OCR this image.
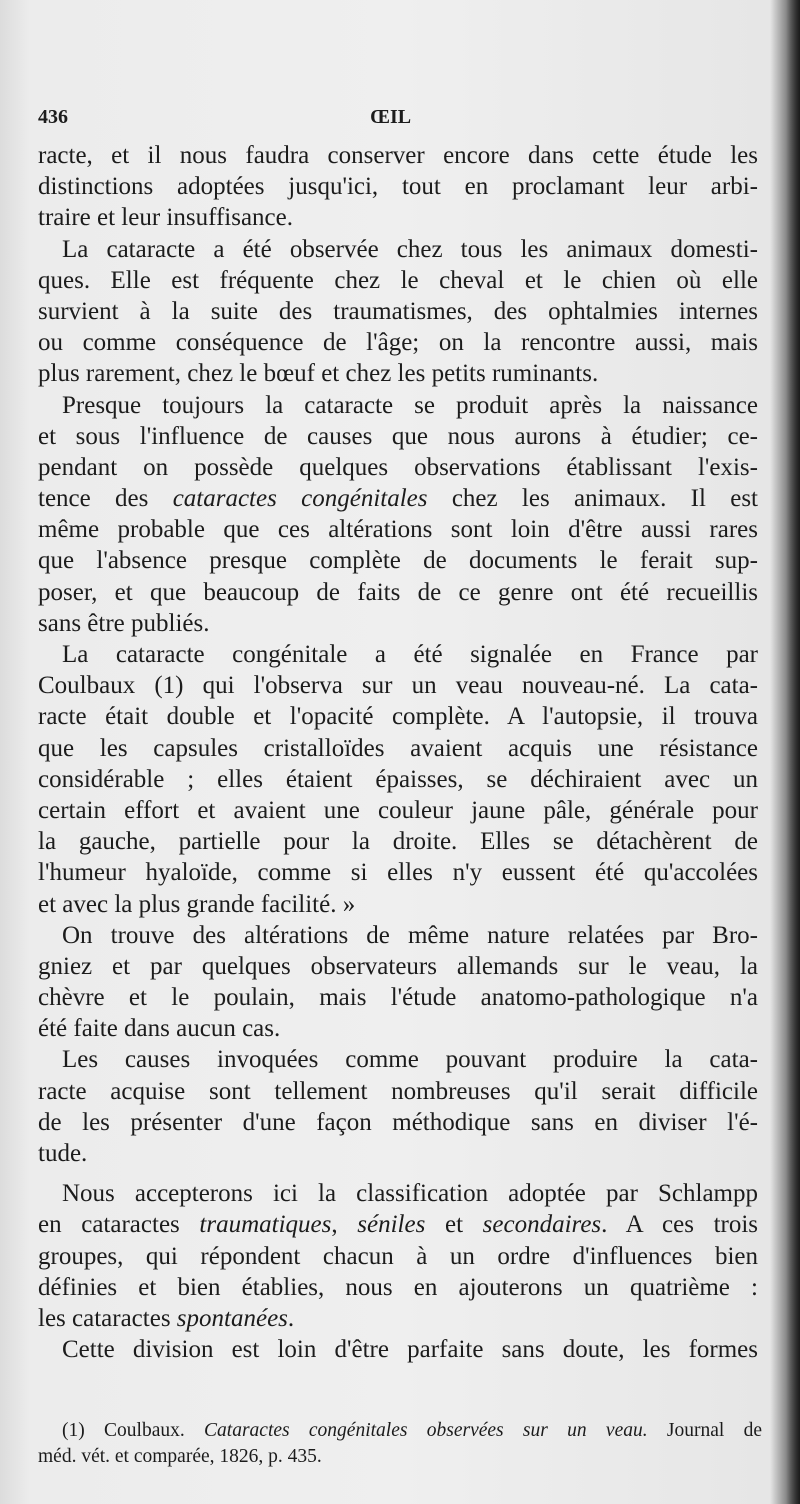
436	ŒIL
racte, et il nous faudra conserver encore dans cette étude les
distinctions adoptées jusqu'ici, tout en proclamant leur arbi-
traire et leur insuffisance.
La cataracte a été observée chez tous les animaux domesti-
ques. Elle est fréquente chez le cheval et le chien où elle
survient à la suite des traumatismes, des ophtalmies internes
ou comme conséquence de l'âge; on la rencontre aussi, mais
plus rarement, chez le bœuf et chez les petits ruminants.
Presque toujours la cataracte se produit après la naissance
et sous l'influence de causes que nous aurons à étudier; ce-
pendant on possède quelques observations établissant l'exis-
tence des cataractes congénitales chez les animaux. Il est
même probable que ces altérations sont loin d'être aussi rares
que l'absence presque complète de documents le ferait sup-
poser, et que beaucoup de faits de ce genre ont été recueillis
sans être publiés.
La cataracte congénitale a été signalée en France par
Coulbaux (1) qui l'observa sur un veau nouveau-né. La cata-
racte était double et l'opacité complète. A l'autopsie, il trouva
que les capsules cristalloïdes avaient acquis une résistance
considérable ; elles étaient épaisses, se déchiraient avec un
certain effort et avaient une couleur jaune pâle, générale pour
la gauche, partielle pour la droite. Elles se détachèrent de
l'humeur hyaloïde, comme si elles n'y eussent été qu'accolées
et avec la plus grande facilité. »
On trouve des altérations de même nature relatées par Bro-
gniez et par quelques observateurs allemands sur le veau, la
chèvre et le poulain, mais l'étude anatomo-pathologique n'a
été faite dans aucun cas.
Les causes invoquées comme pouvant produire la cata-
racte acquise sont tellement nombreuses qu'il serait difficile
de les présenter d'une façon méthodique sans en diviser l'é-
tude.
Nous accepterons ici la classification adoptée par Schlampp
en cataractes traumatiques, séniles et secondaires. A ces trois
groupes, qui répondent chacun à un ordre d'influences bien
définies et bien établies, nous en ajouterons un quatrième :
les cataractes spontanées.
Cette division est loin d'être parfaite sans doute, les formes
(1) Coulbaux. Cataractes congénitales observées sur un veau. Journal de
méd. vét. et comparée, 1826, p. 435.
